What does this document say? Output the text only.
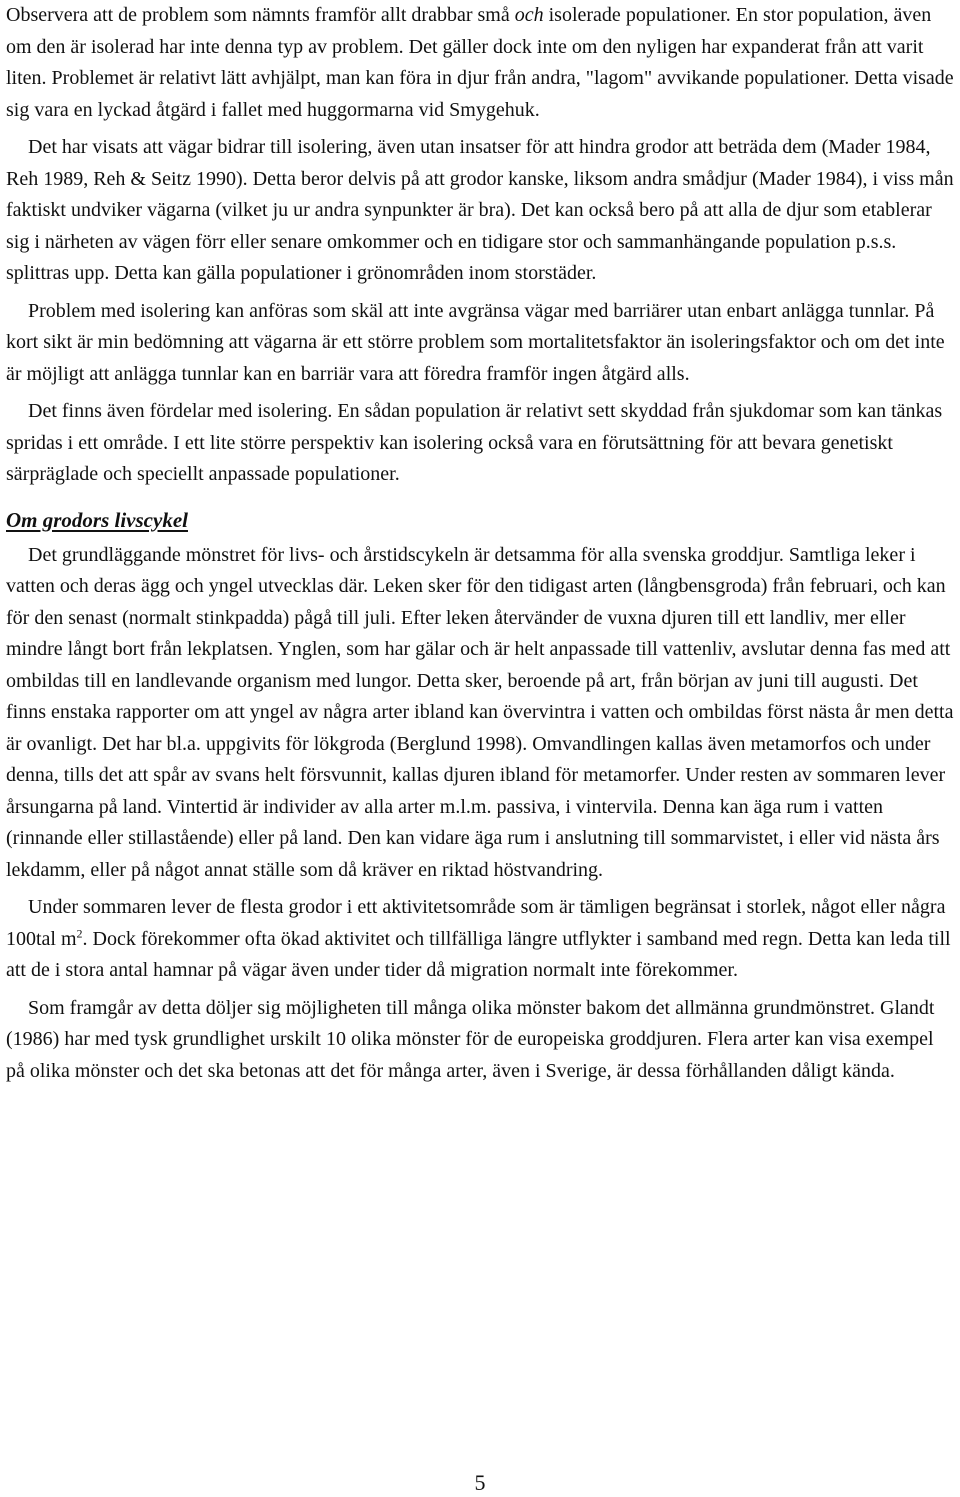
Observera att de problem som nämnts framför allt drabbar små och isolerade populationer. En stor population, även om den är isolerad har inte denna typ av problem. Det gäller dock inte om den nyligen har expanderat från att varit liten. Problemet är relativt lätt avhjälpt, man kan föra in djur från andra, "lagom" avvikande populationer. Detta visade sig vara en lyckad åtgärd i fallet med huggormarna vid Smygehuk.

Det har visats att vägar bidrar till isolering, även utan insatser för att hindra grodor att beträda dem (Mader 1984, Reh 1989, Reh & Seitz 1990). Detta beror delvis på att grodor kanske, liksom andra smådjur (Mader 1984), i viss mån faktiskt undviker vägarna (vilket ju ur andra synpunkter är bra). Det kan också bero på att alla de djur som etablerar sig i närheten av vägen förr eller senare omkommer och en tidigare stor och sammanhängande population p.s.s. splittras upp. Detta kan gälla populationer i grönområden inom storstäder.

Problem med isolering kan anföras som skäl att inte avgränsa vägar med barriärer utan enbart anlägga tunnlar. På kort sikt är min bedömning att vägarna är ett större problem som mortalitetsfaktor än isoleringsfaktor och om det inte är möjligt att anlägga tunnlar kan en barriär vara att föredra framför ingen åtgärd alls.

Det finns även fördelar med isolering. En sådan population är relativt sett skyddad från sjukdomar som kan tänkas spridas i ett område. I ett lite större perspektiv kan isolering också vara en förutsättning för att bevara genetiskt särpräglade och speciellt anpassade populationer.

Om grodors livscykel

Det grundläggande mönstret för livs- och årstidscykeln är detsamma för alla svenska groddjur. Samtliga leker i vatten och deras ägg och yngel utvecklas där. Leken sker för den tidigast arten (långbensgroda) från februari, och kan för den senast (normalt stinkpadda) pågå till juli. Efter leken återvänder de vuxna djuren till ett landliv, mer eller mindre långt bort från lekplatsen. Ynglen, som har gälar och är helt anpassade till vattenliv, avslutar denna fas med att ombildas till en landlevande organism med lungor. Detta sker, beroende på art, från början av juni till augusti. Det finns enstaka rapporter om att yngel av några arter ibland kan övervintra i vatten och ombildas först nästa år men detta är ovanligt. Det har bl.a. uppgivits för lökgroda (Berglund 1998). Omvandlingen kallas även metamorfos och under denna, tills det att spår av svans helt försvunnit, kallas djuren ibland för metamorfer. Under resten av sommaren lever årsungarna på land. Vintertid är individer av alla arter m.l.m. passiva, i vintervila. Denna kan äga rum i vatten (rinnande eller stillastående) eller på land. Den kan vidare äga rum i anslutning till sommarvistet, i eller vid nästa års lekdamm, eller på något annat ställe som då kräver en riktad höstvandring.

Under sommaren lever de flesta grodor i ett aktivitetsområde som är tämligen begränsat i storlek, något eller några 100tal $m^2$. Dock förekommer ofta ökad aktivitet och tillfälliga längre utflykter i samband med regn. Detta kan leda till att de i stora antal hamnar på vägar även under tider då migration normalt inte förekommer.

Som framgår av detta döljer sig möjligheten till många olika mönster bakom det allmänna grundmönstret. Glandt (1986) har med tysk grundlighet urskilt 10 olika mönster för de europeiska groddjuren. Flera arter kan visa exempel på olika mönster och det ska betonas att det för många arter, även i Sverige, är dessa förhållanden dåligt kända.

5
